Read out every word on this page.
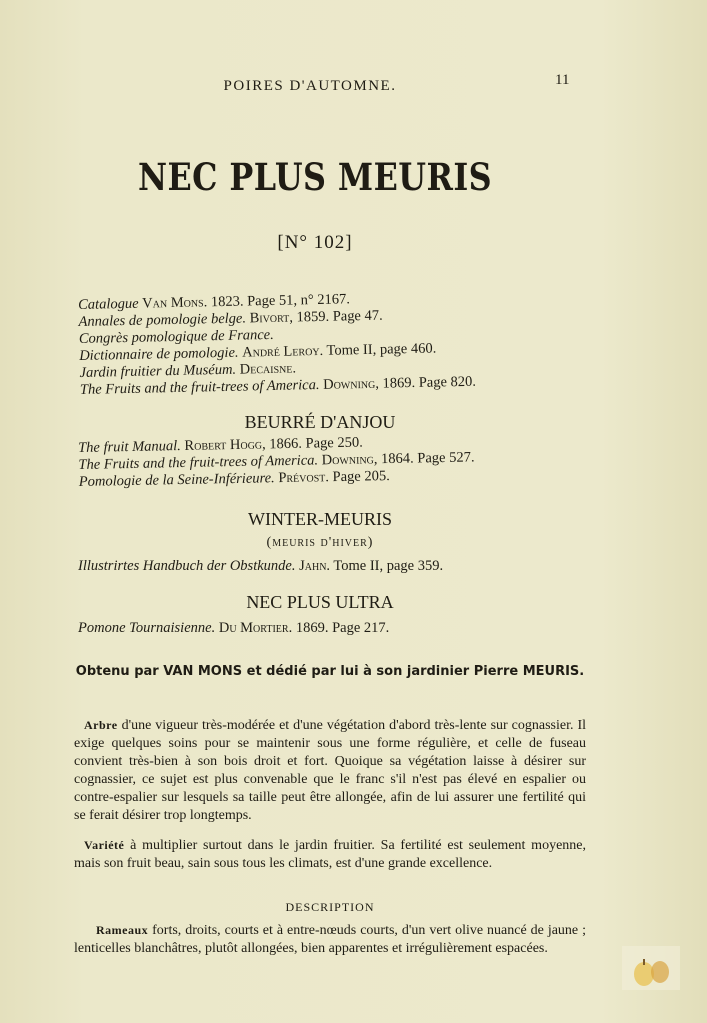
POIRES D'AUTOMNE.	11
NEC PLUS MEURIS
[N° 102]
Catalogue Van Mons. 1823. Page 51, n° 2167.
Annales de pomologie belge. Bivort, 1859. Page 47.
Congrès pomologique de France.
Dictionnaire de pomologie. André Leroy. Tome II, page 460.
Jardin fruitier du Muséum. Decaisne.
The Fruits and the fruit-trees of America. Downing, 1869. Page 820.
BEURRÉ D'ANJOU
The fruit Manual. Robert Hogg, 1866. Page 250.
The Fruits and the fruit-trees of America. Downing, 1864. Page 527.
Pomologie de la Seine-Inférieure. Prévost. Page 205.
WINTER-MEURIS
(meuris d'hiver)
Illustrirtes Handbuch der Obstkunde. Jahn. Tome II, page 359.
NEC PLUS ULTRA
Pomone Tournaisienne. Du Mortier. 1869. Page 217.
Obtenu par VAN MONS et dédié par lui à son jardinier Pierre MEURIS.
Arbre d'une vigueur très-modérée et d'une végétation d'abord très-lente sur cognassier. Il exige quelques soins pour se maintenir sous une forme régulière, et celle de fuseau convient très-bien à son bois droit et fort. Quoique sa végétation laisse à désirer sur cognassier, ce sujet est plus convenable que le franc s'il n'est pas élevé en espalier ou contre-espalier sur lesquels sa taille peut être allongée, afin de lui assurer une fertilité qui se ferait désirer trop longtemps.
Variété à multiplier surtout dans le jardin fruitier. Sa fertilité est seulement moyenne, mais son fruit beau, sain sous tous les climats, est d'une grande excellence.
DESCRIPTION
Rameaux forts, droits, courts et à entre-nœuds courts, d'un vert olive nuancé de jaune ; lenticelles blanchâtres, plutôt allongées, bien apparentes et irrégulièrement espacées.
